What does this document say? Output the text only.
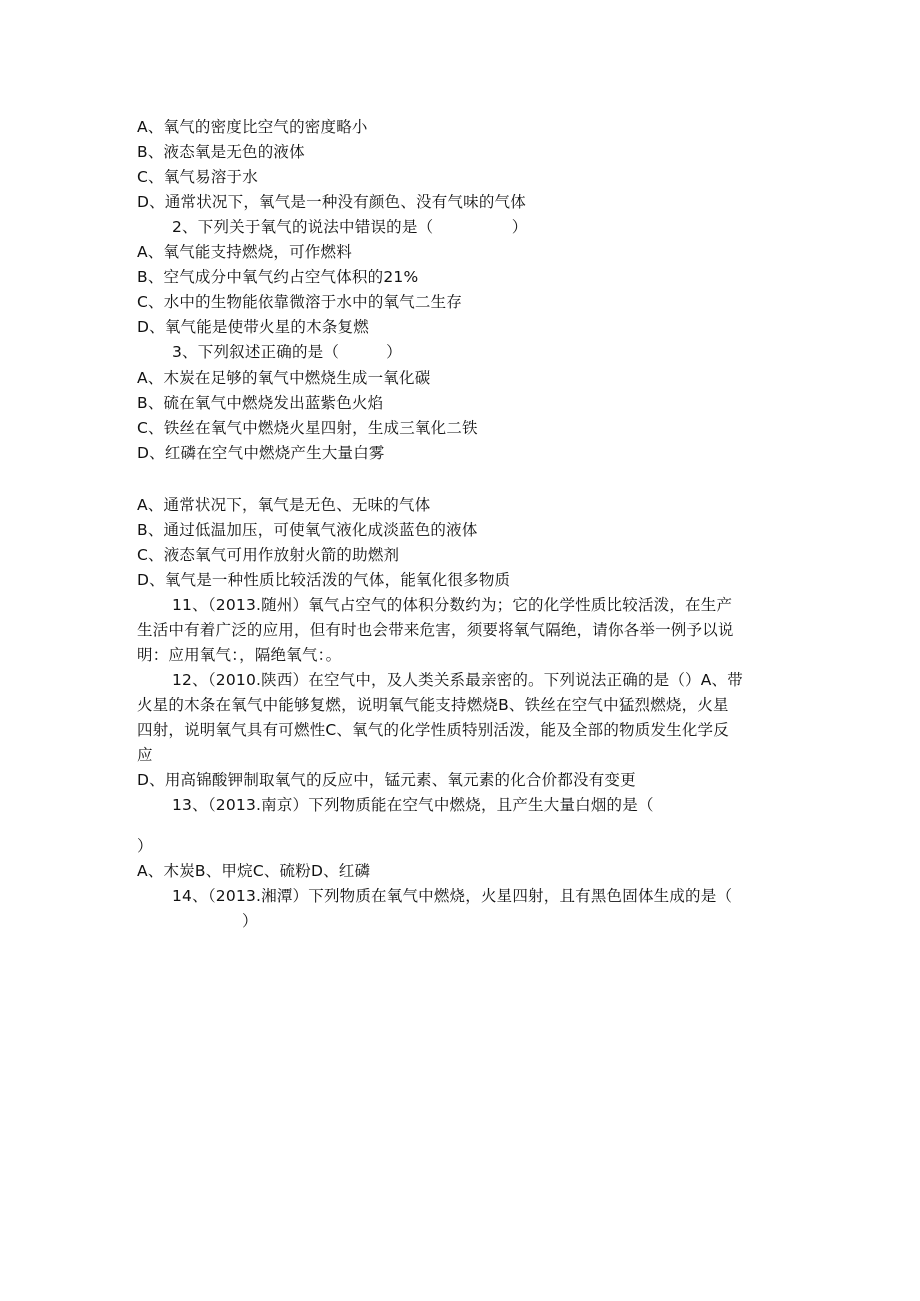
A、氧气的密度比空气的密度略小
B、液态氧是无色的液体
C、氧气易溶于水
D、通常状况下，氧气是一种没有颜色、没有气味的气体
2、下列关于氧气的说法中错误的是（　　　　　）
A、氧气能支持燃烧，可作燃料
B、空气成分中氧气约占空气体积的21%
C、水中的生物能依靠微溶于水中的氧气二生存
D、氧气能是使带火星的木条复燃
3、下列叙述正确的是（　　　）
A、木炭在足够的氧气中燃烧生成一氧化碳
B、硫在氧气中燃烧发出蓝紫色火焰
C、铁丝在氧气中燃烧火星四射，生成三氧化二铁
D、红磷在空气中燃烧产生大量白雾
A、通常状况下，氧气是无色、无味的气体
B、通过低温加压，可使氧气液化成淡蓝色的液体
C、液态氧气可用作放射火箭的助燃剂
D、氧气是一种性质比较活泼的气体，能氧化很多物质
11、（2013.随州）氧气占空气的体积分数约为；它的化学性质比较活泼，在生产
生活中有着广泛的应用，但有时也会带来危害，须要将氧气隔绝，请你各举一例予以说
明：应用氧气：，隔绝氧气：。
12、（2010.陕西）在空气中，及人类关系最亲密的。下列说法正确的是（）A、带
火星的木条在氧气中能够复燃，说明氧气能支持燃烧B、铁丝在空气中猛烈燃烧，火星
四射，说明氧气具有可燃性C、氧气的化学性质特别活泼，能及全部的物质发生化学反
应
D、用高锦酸钾制取氧气的反应中，锰元素、氧元素的化合价都没有变更
13、（2013.南京）下列物质能在空气中燃烧，且产生大量白烟的是（
）
A、木炭B、甲烷C、硫粉D、红磷
14、（2013.湘潭）下列物质在氧气中燃烧，火星四射，且有黑色固体生成的是（
）
